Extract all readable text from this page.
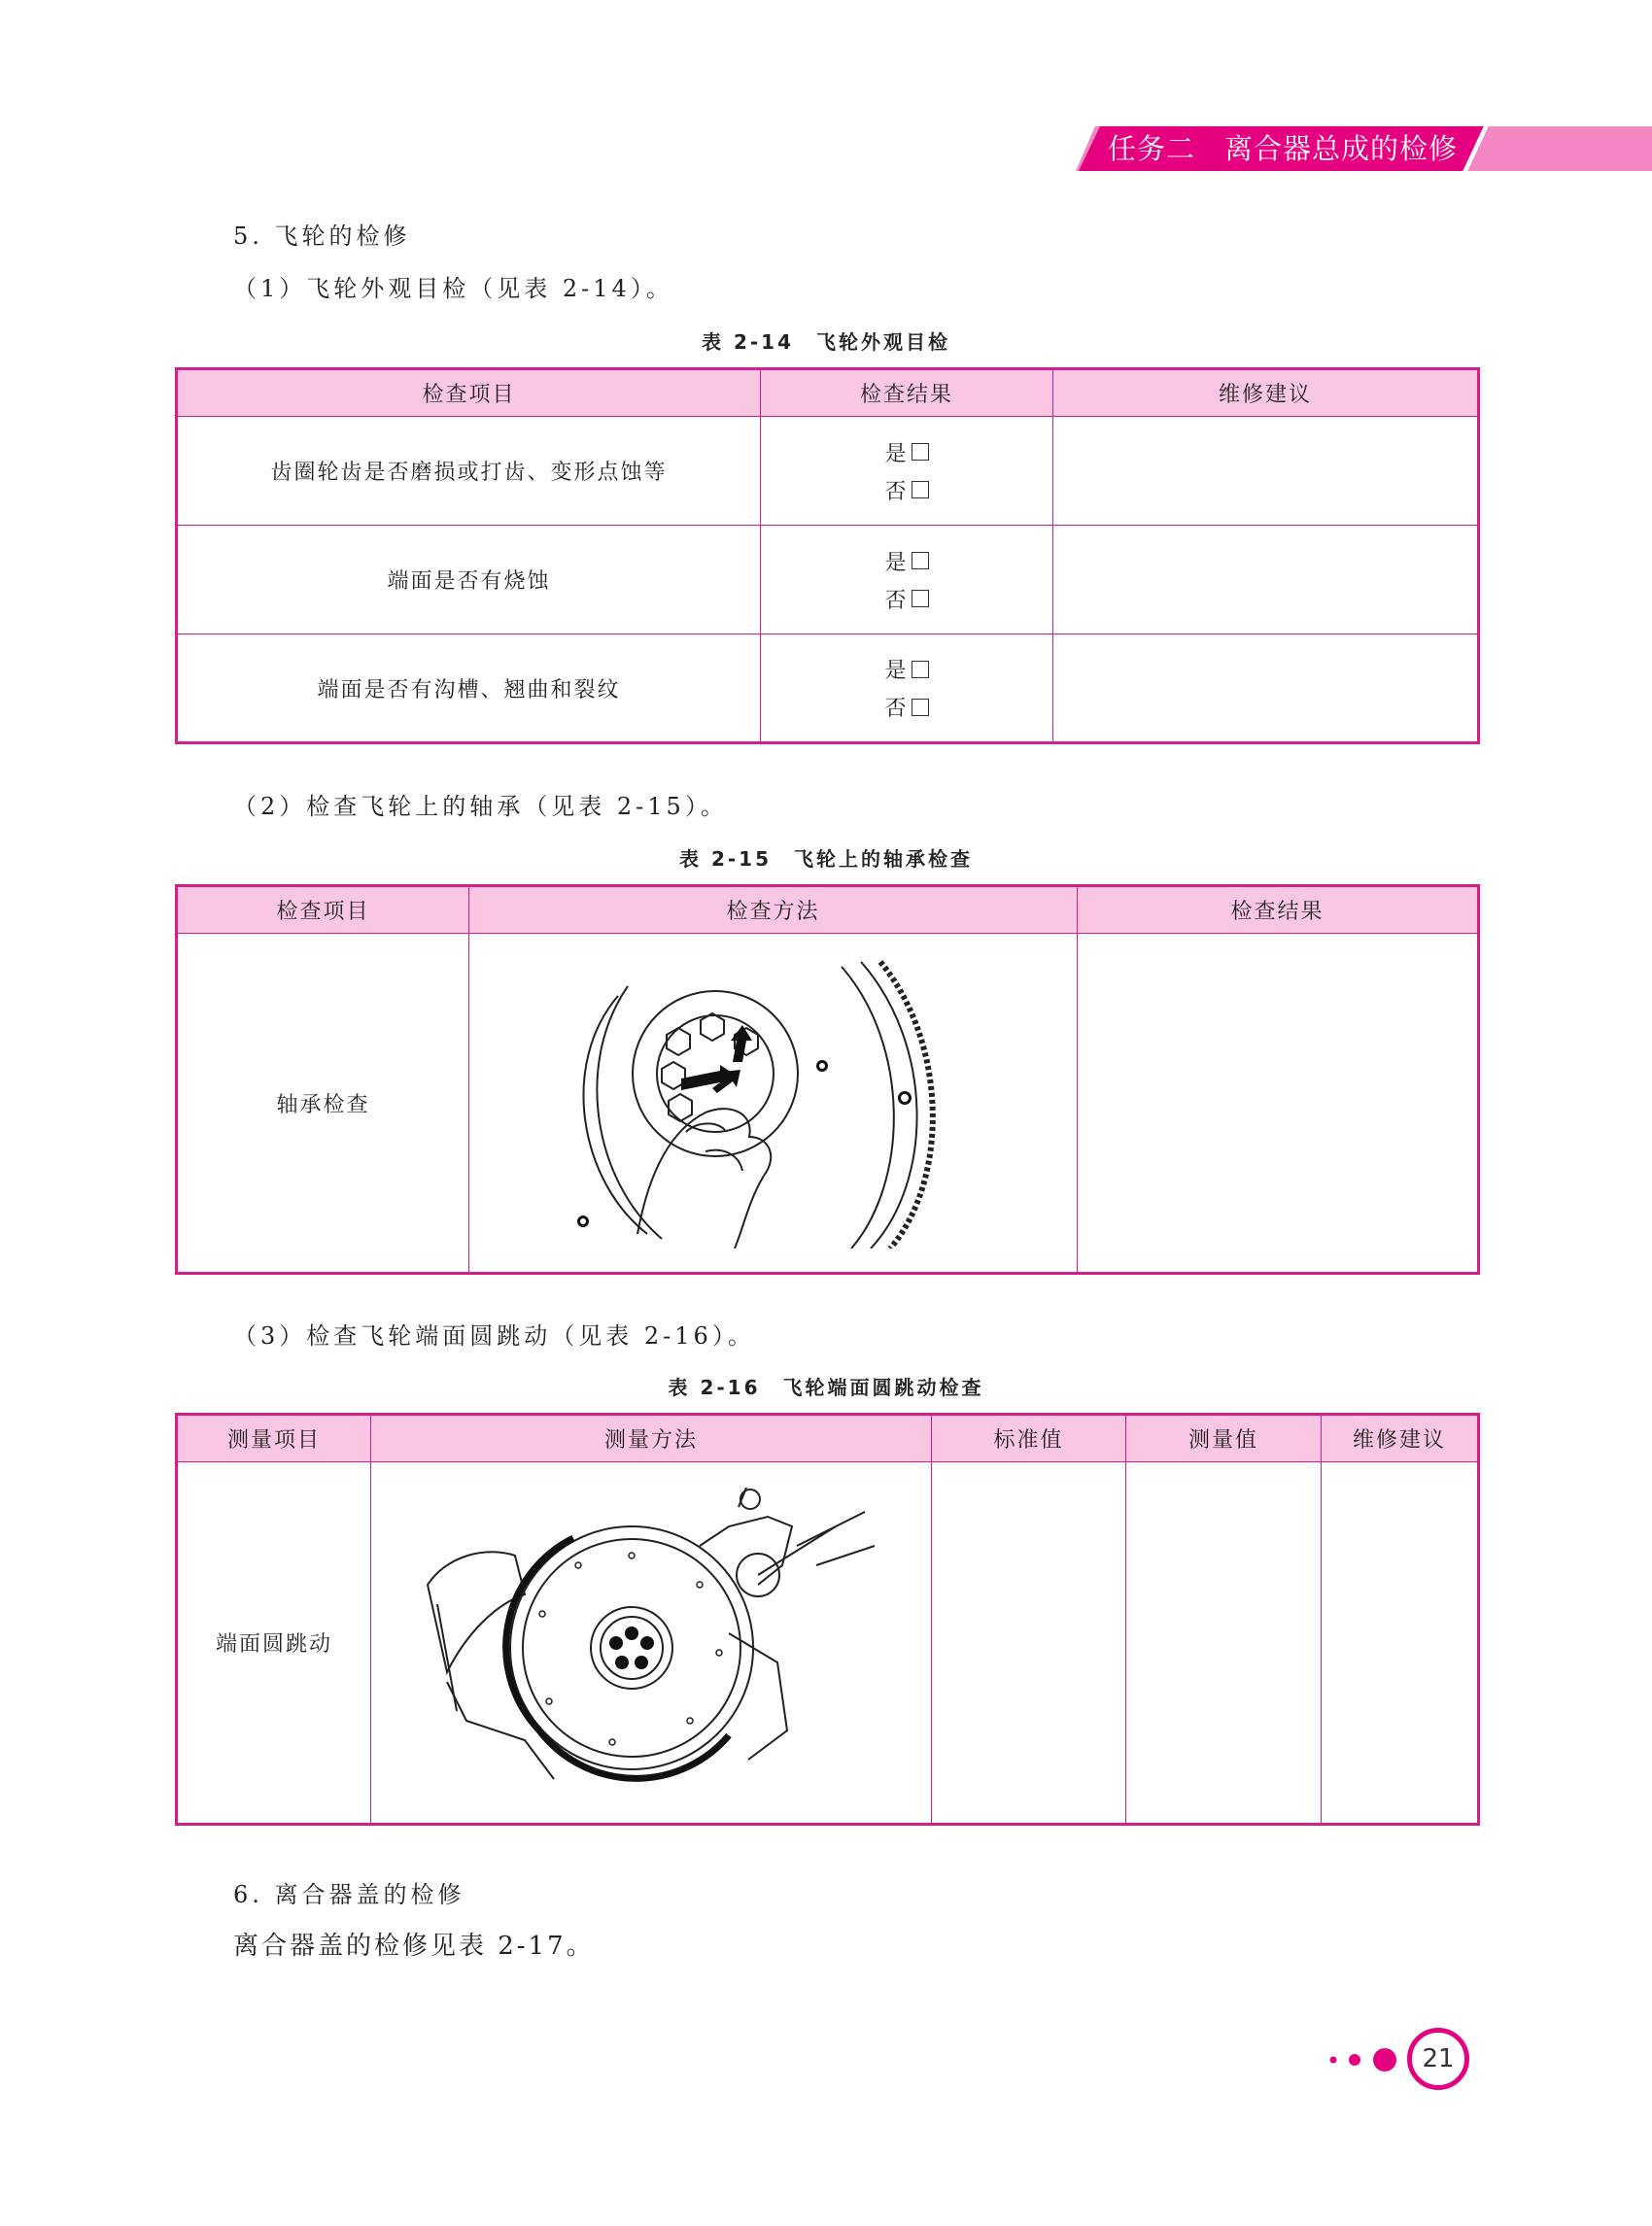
任务二　离合器总成的检修
5. 飞轮的检修
（1）飞轮外观目检（见表 2-14）。
表 2-14　飞轮外观目检
检查项目	检查结果	维修建议
齿圈轮齿是否磨损或打齿、变形点蚀等	是
否	

端面是否有烧蚀	是
否	

端面是否有沟槽、翘曲和裂纹	是
否	

（2）检查飞轮上的轴承（见表 2-15）。
表 2-15　飞轮上的轴承检查
检查项目	检查方法	检查结果
轴承检查	

（3）检查飞轮端面圆跳动（见表 2-16）。
表 2-16　飞轮端面圆跳动检查
测量项目	测量方法	标准值	测量值	维修建议
端面圆跳动	

6. 离合器盖的检修
离合器盖的检修见表 2-17。
21
